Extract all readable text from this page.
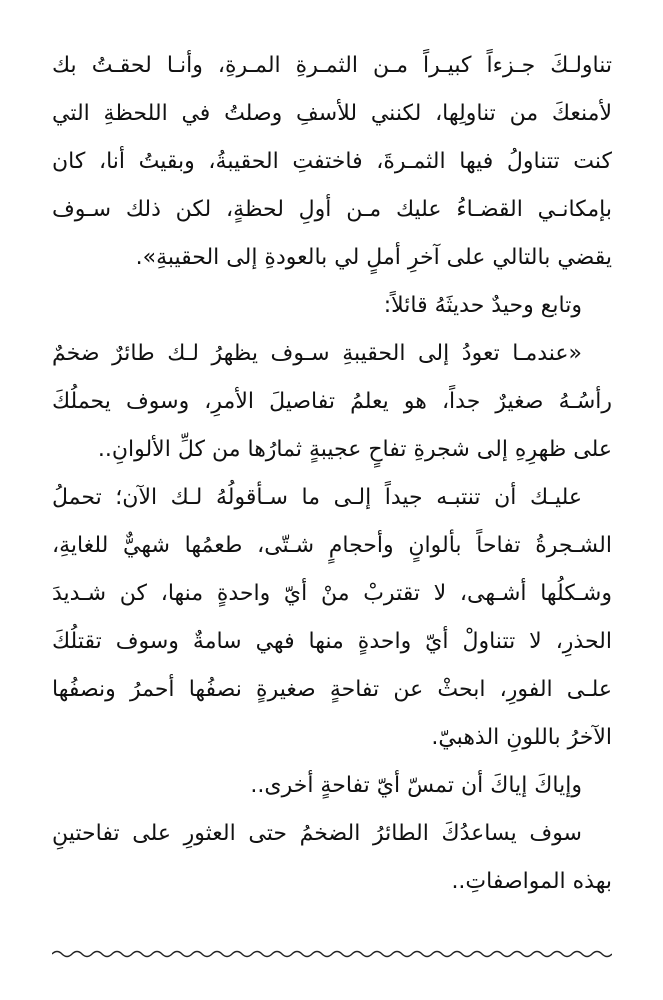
تناولـكَ جـزءاً كبيـراً مـن الثمـرةِ المـرةِ، وأنـا لحقـتُ بك
لأمنعكَ من تناولِها، لكنني للأسفِ وصلتُ في اللحظةِ التي
كنت تتناولُ فيها الثمـرةَ، فاختفتِ الحقيبةُ، وبقيتُ أنا، كان
بإمكانـي القضـاءُ عليك مـن أولِ لحظةٍ، لكن ذلك سـوف
يقضي بالتالي على آخرِ أملٍ لي بالعودةِ إلى الحقيبةِ».
وتابع وحيدٌ حديثَهُ قائلاً:
«عندمـا تعودُ إلى الحقيبةِ سـوف يظهرُ لـك طائرٌ ضخمٌ
رأسُـهُ صغيرٌ جداً، هو يعلمُ تفاصيلَ الأمرِ، وسوف يحملُكَ
على ظهرِهِ إلى شجرةِ تفاحٍ عجيبةٍ ثمارُها من كلِّ الألوانِ..
عليـك أن تنتبـه جيداً إلـى ما سـأقولُهُ لـك الآن؛ تحملُ
الشـجرةُ تفاحاً بألوانٍ وأحجامٍ شـتّى، طعمُها شهيٌّ للغايةِ،
وشـكلُها أشـهى، لا تقتربْ منْ أيّ واحدةٍ منها، كن شـديدَ
الحذرِ، لا تتناولْ أيّ واحدةٍ منها فهي سامةٌ وسوف تقتلُكَ
علـى الفورِ، ابحثْ عن تفاحةٍ صغيرةٍ نصفُها أحمرُ ونصفُها
الآخرُ باللونِ الذهبيّ.
وإياكَ إياكَ أن تمسّ أيّ تفاحةٍ أخرى..
سوف يساعدُكَ الطائرُ الضخمُ حتى العثورِ على تفاحتينِ
بهذه المواصفاتِ..
